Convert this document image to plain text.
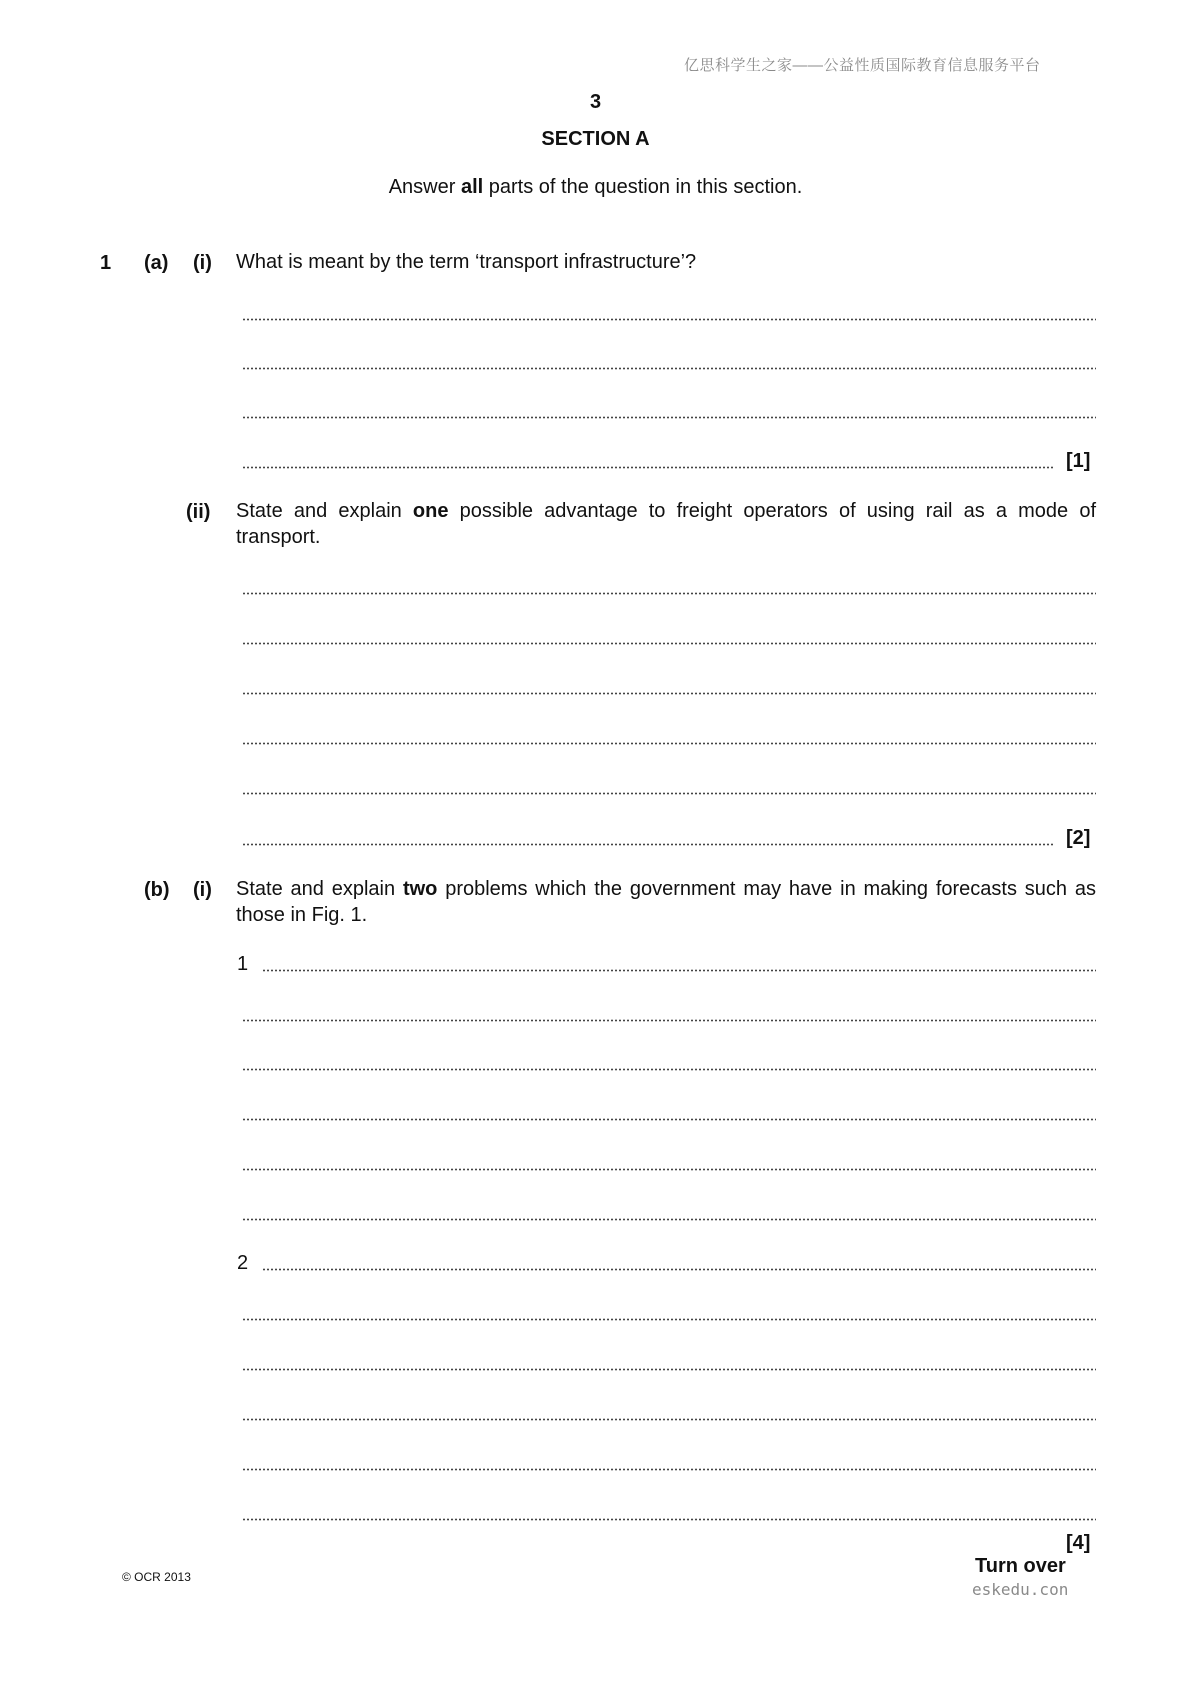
亿思科学生之家——公益性质国际教育信息服务平台
3
SECTION A
Answer all parts of the question in this section.
1 (a) (i) What is meant by the term ‘transport infrastructure’?
[1]
(ii) State and explain one possible advantage to freight operators of using rail as a mode of transport.
[2]
(b) (i) State and explain two problems which the government may have in making forecasts such as those in Fig. 1.
1
2
[4]
© OCR 2013	Turn over
eskedu.con
